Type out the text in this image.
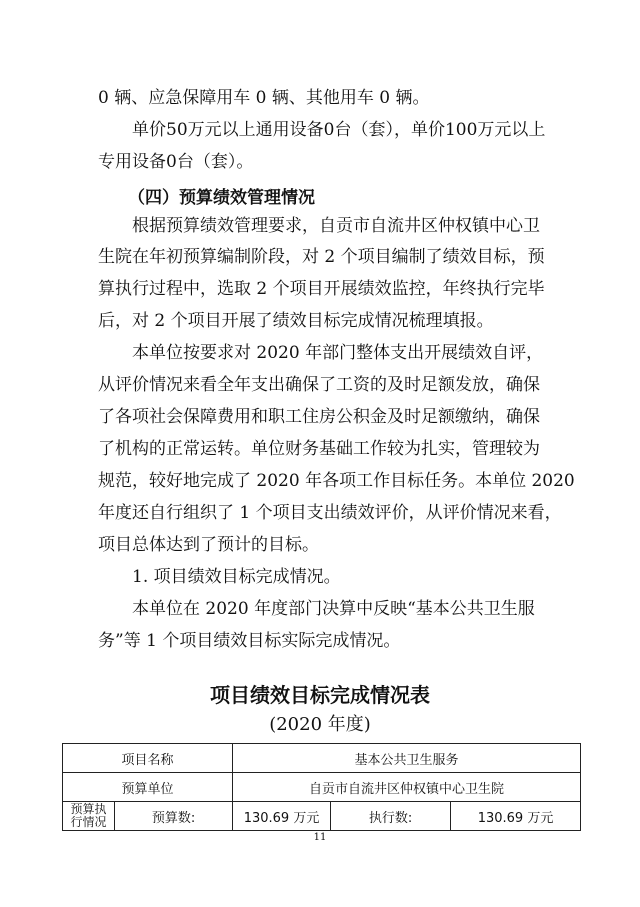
0 辆、应急保障用车 0 辆、其他用车 0 辆。
单价50万元以上通用设备0台（套），单价100万元以上
专用设备0台（套）。
（四）预算绩效管理情况
根据预算绩效管理要求，自贡市自流井区仲权镇中心卫
生院在年初预算编制阶段，对 2 个项目编制了绩效目标，预
算执行过程中，选取 2 个项目开展绩效监控，年终执行完毕
后，对 2 个项目开展了绩效目标完成情况梳理填报。
本单位按要求对 2020 年部门整体支出开展绩效自评，
从评价情况来看全年支出确保了工资的及时足额发放，确保
了各项社会保障费用和职工住房公积金及时足额缴纳，确保
了机构的正常运转。单位财务基础工作较为扎实，管理较为
规范，较好地完成了 2020 年各项工作目标任务。本单位 2020
年度还自行组织了 1 个项目支出绩效评价，从评价情况来看，
项目总体达到了预计的目标。
1. 项目绩效目标完成情况。
本单位在 2020 年度部门决算中反映“基本公共卫生服
务”等 1 个项目绩效目标实际完成情况。
项目绩效目标完成情况表
(2020 年度)
项目名称		基本公共卫生服务		
预算单位		自贡市自流井区仲权镇中心卫生院		

预算执
行情况	预算数:	130.69 万元	执行数:	130.69 万元
11
